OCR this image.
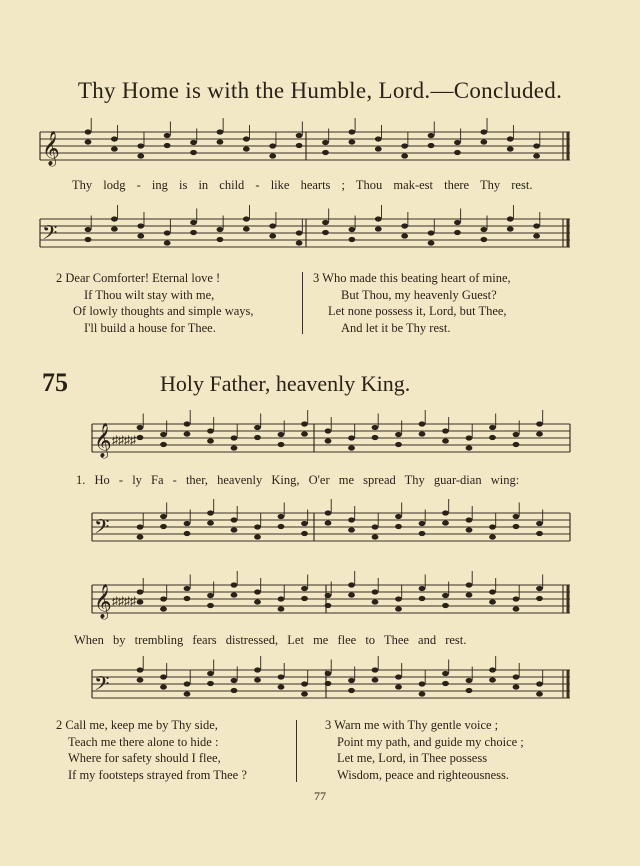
Thy Home is with the Humble, Lord.—Concluded.
𝄞
Thy lodg - ing is in child - like hearts ; Thou mak-est there Thy rest.
𝄢
2 Dear Comforter! Eternal love !
If Thou wilt stay with me,
Of lowly thoughts and simple ways,
I'll build a house for Thee.
3 Who made this beating heart of mine,
But Thou, my heavenly Guest?
Let none possess it, Lord, but Thee,
And let it be Thy rest.
75	Holy Father, heavenly King.
𝄞 ♯♯♯♯
1. Ho - ly Fa - ther, heavenly King, O'er me spread Thy guar-dian wing:
𝄢
𝄞 ♯♯♯♯
When by trembling fears distressed, Let me flee to Thee and rest.
𝄢
2 Call me, keep me by Thy side,
Teach me there alone to hide :
Where for safety should I flee,
If my footsteps strayed from Thee ?
3 Warn me with Thy gentle voice ;
Point my path, and guide my choice ;
Let me, Lord, in Thee possess
Wisdom, peace and righteousness.
77
